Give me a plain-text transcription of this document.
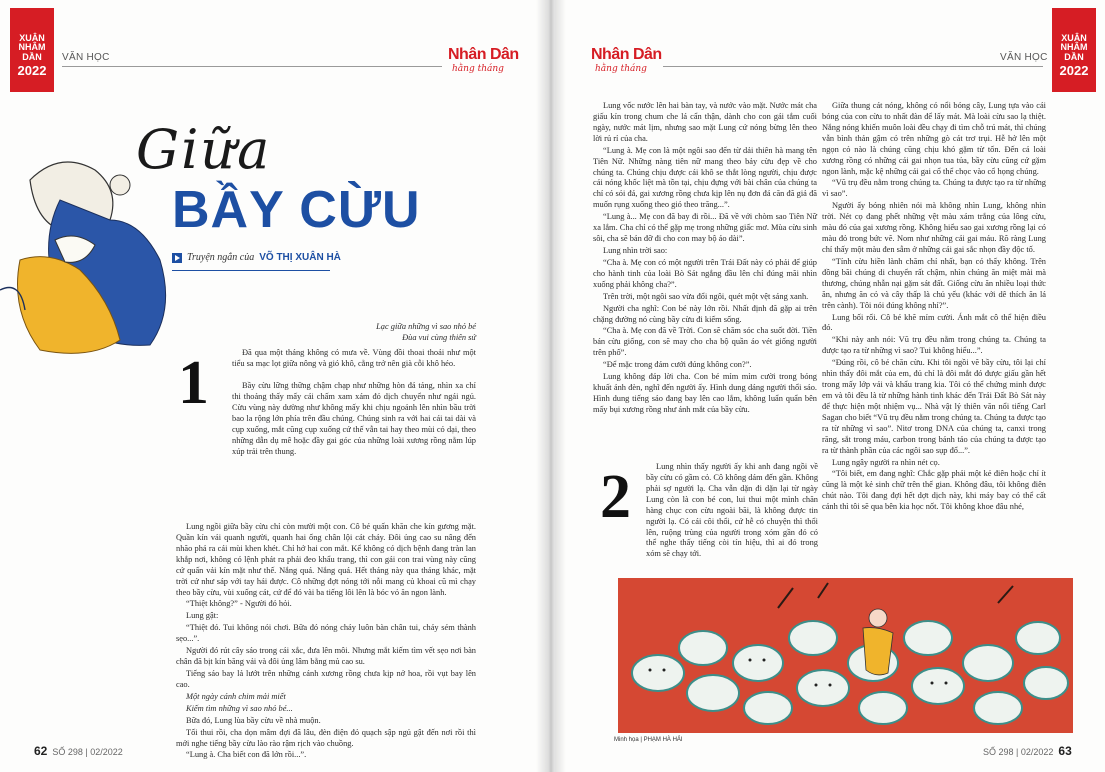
XUÂN
NHÂM DẦN
2022
VĂN HỌC	Nhân Dân
hằng tháng
Giữa
BẦY CỪU
Truyện ngắn của VÕ THỊ XUÂN HÀ
Lạc giữa những vì sao nhỏ bé
Đùa vui cùng thiên sứ
1	Đã qua một tháng không có mưa về. Vùng đồi thoai thoải như một tiểu sa mạc lọt giữa nông và gió khô, cằng trở nên già cỗi khô héo.

Bầy cừu lững thững chậm chạp như những hòn đá tảng, nhìn xa chỉ thi thoảng thấy mấy cái chấm xam xám đỏ dịch chuyển như ngái ngủ. Cừu vùng này dường như không mấy khi chịu ngoảnh lên nhìn bầu trời bao la rộng lớn phía trên đầu chúng. Chúng sinh ra với hai cái tai dài và cụp xuống, mắt cũng cụp xuống cứ thế vẫn tai hay theo mùi cỏ dại, theo những dẫn dụ mê hoặc đầy gai góc của những loài xương rồng nằm lúp xúp trải trên thung.

Lung ngồi giữa bầy cừu chỉ còn mười một con. Cô bé quấn khăn che kín gương mặt. Quần kín vải quanh người, quanh hai ống chân lội cát cháy. Đôi ủng cao su nâng đến nhão phả ra cái mùi khen khét. Chỉ hở hai con mắt. Kể không có dịch bệnh đang tràn lan khắp nơi, không có lệnh phát ra phải đeo khẩu trang, thì con gái con trai vùng này cũng cứ quấn vải kín mặt như thế. Nắng quá. Nắng quá. Hết tháng này qua tháng khác, mặt trời cứ như sáp với tay hái được. Cô những đợt nóng tới nỗi mang củ khoai cũ mì chạy theo bầy cừu, vùi xuống cát, cứ để đó vài ba tiếng lôi lên là bóc vỏ ăn ngon lành.

“Thiệt không?” - Người đó hỏi.

Lung gật:

“Thiệt đó. Tui không nói chơi. Bữa đó nóng cháy luôn bàn chân tui, cháy sém thành sẹo...”.

Người đó rút cây sáo trong cái xắc, đưa lên môi. Nhưng mắt kiếm tìm vết sẹo nơi bàn chân đã bịt kín băng vải và đôi ủng lâm bằng mủ cao su.

Tiếng sáo bay lả lướt trên những cánh xương rồng chưa kịp nở hoa, rồi vụt bay lên cao.

Một ngày cánh chim mải miết

Kiếm tìm những vì sao nhỏ bé...

Bữa đó, Lung lùa bầy cừu về nhà muộn.

Tối thui rồi, cha dọn mâm đợi đã lâu, đèn điện đỏ quạch sập ngủ gật đến nơi rồi thì mới nghe tiếng bầy cừu lào rào rậm rịch vào chuồng.

“Lung à. Cha biết con đã lớn rồi...”.

62 SỐ 298 | 02/2022
Nhân Dân
hằng tháng
VĂN HỌC
XUÂN
NHÂM DẦN
2022

Lung vốc nước lên hai bàn tay, và nước vào mặt. Nước mát cha giấu kín trong chum che lá cẩn thận, dành cho con gái tắm cuối ngày, nước mát lịm, nhưng sao mặt Lung cứ nóng bừng lên theo lời rủ rỉ của cha.

“Lung à. Mẹ con là một ngôi sao đến từ dải thiên hà mang tên Tiên Nữ. Những nàng tiên nữ mang theo bảy cừu đẹp về cho chúng ta. Chúng chịu được cái khô se thắt lòng người, chịu được cái nóng khốc liệt mà tồn tại, chịu đựng với bài chân của chúng ta chỉ có sỏi đá, gai xương rồng chưa kịp lên nụ đơn đá căn đã giả đã muốn rụng xuống theo gió theo trăng...”.

“Lung à... Mẹ con đã bay đi rồi... Đã về với chòm sao Tiên Nữ xa lắm. Cha chỉ có thể gặp mẹ trong những giấc mơ. Mùa cừu sinh sôi, cha sẽ bán đỡ đi cho con may bộ áo dài”.

Lung nhìn trời sao:

“Cha à. Mẹ con có một người trên Trái Đất này có phải để giúp cho hành tinh của loài Bò Sát ngắng đầu lên chỉ đúng mãi nhìn xuống phải không cha?”.

Trên trời, một ngôi sao vừa đổi ngôi, quét một vệt sáng xanh.

Người cha nghĩ: Con bé này lớn rồi. Nhất định đã gặp ai trên chặng đường nó cùng bầy cừu đi kiếm sống.

“Cha à. Mẹ con đã về Trời. Con sẽ chăm sóc cha suốt đời. Tiền bán cừu giống, con sẽ may cho cha bộ quần áo vét giống người trên phố”.

“Để mặc trong đám cưới đúng không con?”.

Lung không đáp lời cha. Con bé mỉm mỉm cười trong bóng khuất ánh đèn, nghĩ đến người ấy. Hình dung dáng người thổi sáo. Hình dung tiếng sáo đang bay lên cao lắm, không luẩn quẩn bên mấy bụi xương rồng như ánh mắt của bầy cừu.

2	Lung nhìn thấy người ấy khi anh đang ngồi về bầy cừu có gầm cỏ. Cô không dám đến gần. Không phải sợ người lạ. Cha vẫn dặn đi dặn lại từ ngày Lung còn là con bé con, lui thui một mình chăn hàng chục con cừu ngoài bãi, là không được tin người lạ. Có cái côi thổi, cứ hễ có chuyện thì thổi lên, ruộng trùng của người trong xóm gần đó có thể nghe thấy tiếng còi tín hiệu, thì ai đó trong xóm sẽ chạy tới.

Giữa thung cát nóng, không có nổi bóng cây, Lung tựa vào cái bóng của con cừu to nhất đàn để lấy mát. Mà loài cừu sao lạ thiệt. Nắng nóng khiến muôn loài đều chạy đi tìm chỗ trú mát, thì chúng vẫn bình thản gậm cỏ trên những gò cát trơ trụi. Hễ hở lên một ngọn cỏ nào là chúng cũng chịu khó gặm từ tốn. Đến cả loài xương rồng có những cái gai nhọn tua tủa, bầy cừu cũng cứ gặm ngon lành, mặc kệ những cái gai cổ thể chọc vào cổ họng chúng.

“Vũ trụ đều nằm trong chúng ta. Chúng ta được tạo ra từ những vì sao”.

Người ấy bóng nhiên nói mà không nhìn Lung, không nhìn trời. Nét cọ đang phết những vệt màu xám trắng của lông cừu, màu đỏ của gai xương rồng. Không hiểu sao gai xương rồng lại có màu đỏ trong bức vẽ. Nom như những cái gai máu. Rõ ràng Lung chỉ thấy một màu đen sẫm ở những cái gai sắc nhọn đầy độc tố.

“Tính cừu hiền lành chăm chỉ nhất, bạn có thấy không. Trên đồng bãi chúng di chuyển rất chậm, nhìn chúng ăn miệt mài mà thương, chúng nhẫn nại gặm sát đất. Giống cừu ăn nhiều loại thức ăn, nhưng ăn cỏ và cây thấp là chủ yếu (khác với dê thích ăn lá trên cành). Tôi nói đúng không nhỉ?”.

Lung bối rối. Cô bé khẽ mỉm cười. Ánh mắt cô thể hiện điều đó.

“Khi này anh nói: Vũ trụ đều nằm trong chúng ta. Chúng ta được tạo ra từ những vì sao? Tui không hiểu...”.

“Đúng rồi, cô bé chăn cừu. Khi tôi ngồi vẽ bầy cừu, tôi lại chỉ nhìn thấy đôi mắt của em, đủ chỉ là đôi mắt đó được giấu gần hết trong mấy lớp vải và khẩu trang kia. Tôi có thể chứng minh được em và tôi đều là từ những hành tinh khác đến Trái Đất Bò Sát này để thực hiện một nhiệm vụ... Nhà vật lý thiên văn nổi tiếng Carl Sagan cho biết “Vũ trụ đều nằm trong chúng ta. Chúng ta được tạo ra từ những vì sao”. Nitơ trong DNA của chúng ta, canxi trong răng, sắt trong máu, carbon trong bánh táo của chúng ta được tạo ra từ thành phần của các ngôi sao sụp đổ...”.

Lung ngây người ra nhìn nét cọ.

“Tôi biết, em đang nghĩ: Chắc gặp phải một kẻ điên hoặc chỉ ít cũng là một kẻ sinh chữ trên thế gian. Không đâu, tôi không điên chút nào. Tôi đang đợi hết dợt dịch này, khi máy bay có thể cất cánh thì tôi sẽ qua bên kia học nốt. Tôi không khoe đâu nhé,

Minh họa | PHẠM HÀ HẢI
SỐ 298 | 02/2022 63
